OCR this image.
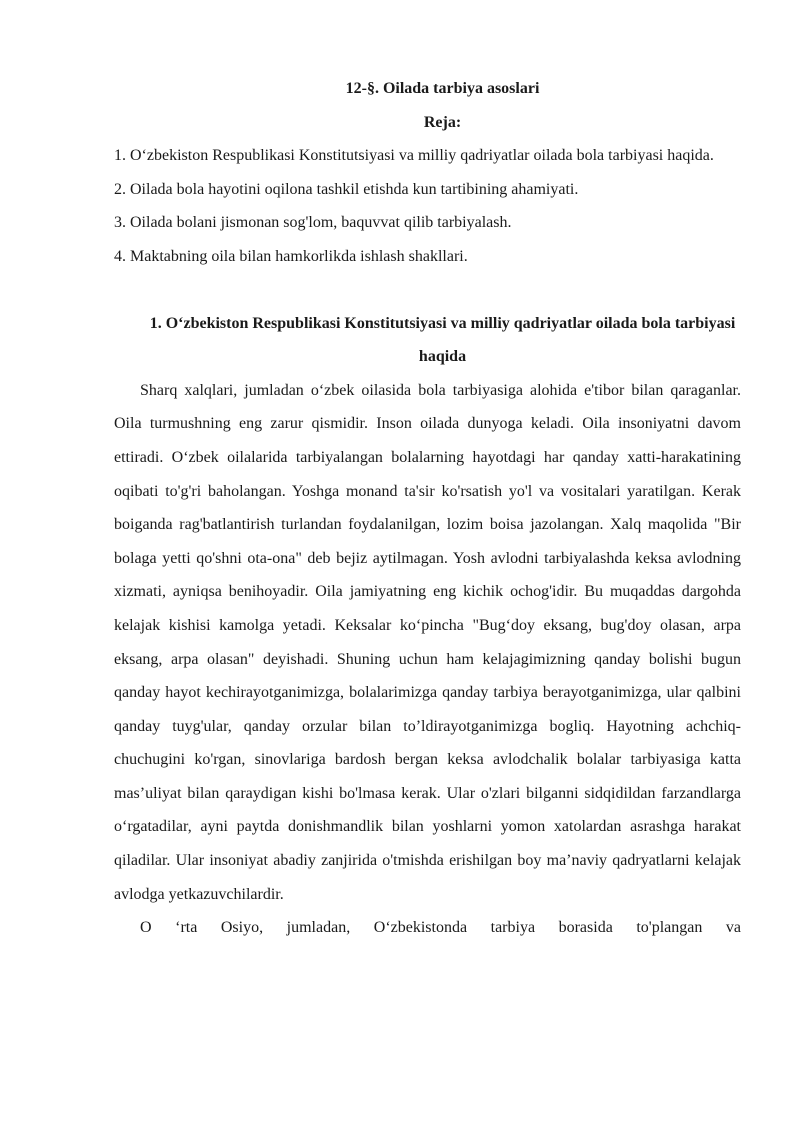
12-§. Oilada tarbiya asoslari

Reja:

1. O‘zbekiston Respublikasi Konstitutsiyasi va milliy qadriyatlar oilada bola tarbiyasi haqida.

2. Oilada bola hayotini oqilona tashkil etishda kun tartibining ahamiyati.

3. Oilada bolani jismonan sog'lom, baquvvat qilib tarbiyalash.

4. Maktabning oila bilan hamkorlikda ishlash shakllari.

1. O‘zbekiston Respublikasi Konstitutsiyasi va milliy qadriyatlar oilada bola tarbiyasi haqida

Sharq xalqlari, jumladan o‘zbek oilasida bola tarbiyasiga alohida e'tibor bilan qaraganlar. Oila turmushning eng zarur qismidir. Inson oilada dunyoga keladi. Oila insoniyatni davom ettiradi. O‘zbek oilalarida tarbiyalangan bolalarning hayotdagi har qanday xatti-harakatining oqibati to'g'ri baholangan. Yoshga monand ta'sir ko'rsatish yo'l va vositalari yaratilgan. Kerak boiganda rag'batlantirish turlandan foydalanilgan, lozim boisa jazolangan. Xalq maqolida "Bir bolaga yetti qo'shni ota-ona" deb bejiz aytilmagan. Yosh avlodni tarbiyalashda keksa avlodning xizmati, ayniqsa benihoyadir. Oila jamiyatning eng kichik ochog'idir. Bu muqaddas dargohda kelajak kishisi kamolga yetadi. Keksalar ko‘pincha "Bug‘doy eksang, bug'doy olasan, arpa eksang, arpa olasan" deyishadi. Shuning uchun ham kelajagimizning qanday bolishi bugun qanday hayot kechirayotganimizga, bolalarimizga qanday tarbiya berayotganimizga, ular qalbini qanday tuyg'ular, qanday orzular bilan to’ldirayotganimizga bogliq. Hayotning achchiq-chuchugini ko'rgan, sinovlariga bardosh bergan keksa avlodchalik bolalar tarbiyasiga katta mas’uliyat bilan qaraydigan kishi bo'lmasa kerak. Ular o'zlari bilganni sidqidildan farzandlarga o‘rgatadilar, ayni paytda donishmandlik bilan yoshlarni yomon xatolardan asrashga harakat qiladilar. Ular insoniyat abadiy zanjirida o'tmishda erishilgan boy ma’naviy qadryatlarni kelajak avlodga yetkazuvchilardir.

O ‘rta Osiyo, jumladan, O‘zbekistonda tarbiya borasida to'plangan va
